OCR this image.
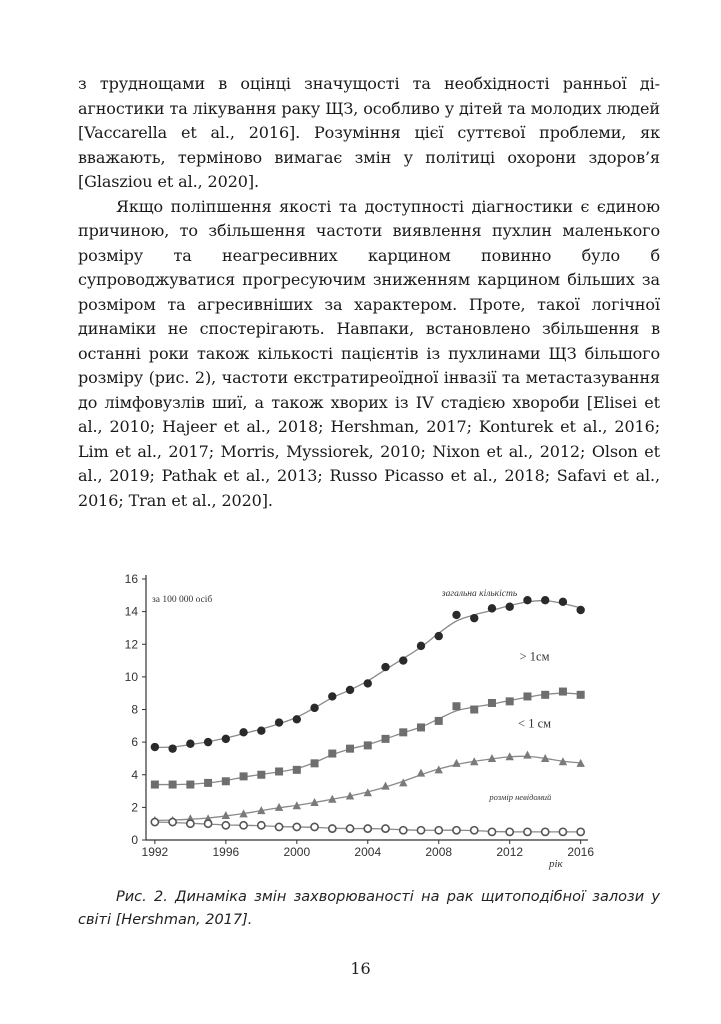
з труднощами в оцінці значущості та необхідності ранньої діагностики та лікування раку ЩЗ, особливо у дітей та молодих людей [Vaccarella et al., 2016]. Розуміння цієї суттєвої проблеми, як вважають, терміново вимагає змін у політиці охорони здоров’я [Glasziou et al., 2020].

Якщо поліпшення якості та доступності діагностики є єдиною причиною, то збільшення частоти виявлення пухлин маленького розміру та неагресивних карцином повинно було б супроводжуватися прогресуючим зниженням карцином більших за розміром та агресивніших за характером. Проте, такої логічної динаміки не спостерігають. Навпаки, встановлено збільшення в останні роки також кількості пацієнтів із пухлинами ЩЗ більшого розміру (рис. 2), частоти екстратиреоїдної інвазії та метастазування до лімфовузлів шиї, а також хворих із IV стадією хвороби [Elisei et al., 2010; Hajeer et al., 2018; Hershman, 2017; Konturek et al., 2016; Lim et al., 2017; Morris, Myssiorek, 2010; Nixon et al., 2012; Olson et al., 2019; Pathak et al., 2013; Russo Picasso et al., 2018; Safavi et al., 2016; Tran et al., 2020].

0
2
4
6
8
10
12
14
16
1992	1996	2000	2004	2008	2012	2016
за 100 000 осіб
рік
загальна кількість
> 1см
< 1 см
розмір невідомий
Рис. 2. Динаміка змін захворюваності на рак щитоподібної залози у світі [Hershman, 2017].
16
